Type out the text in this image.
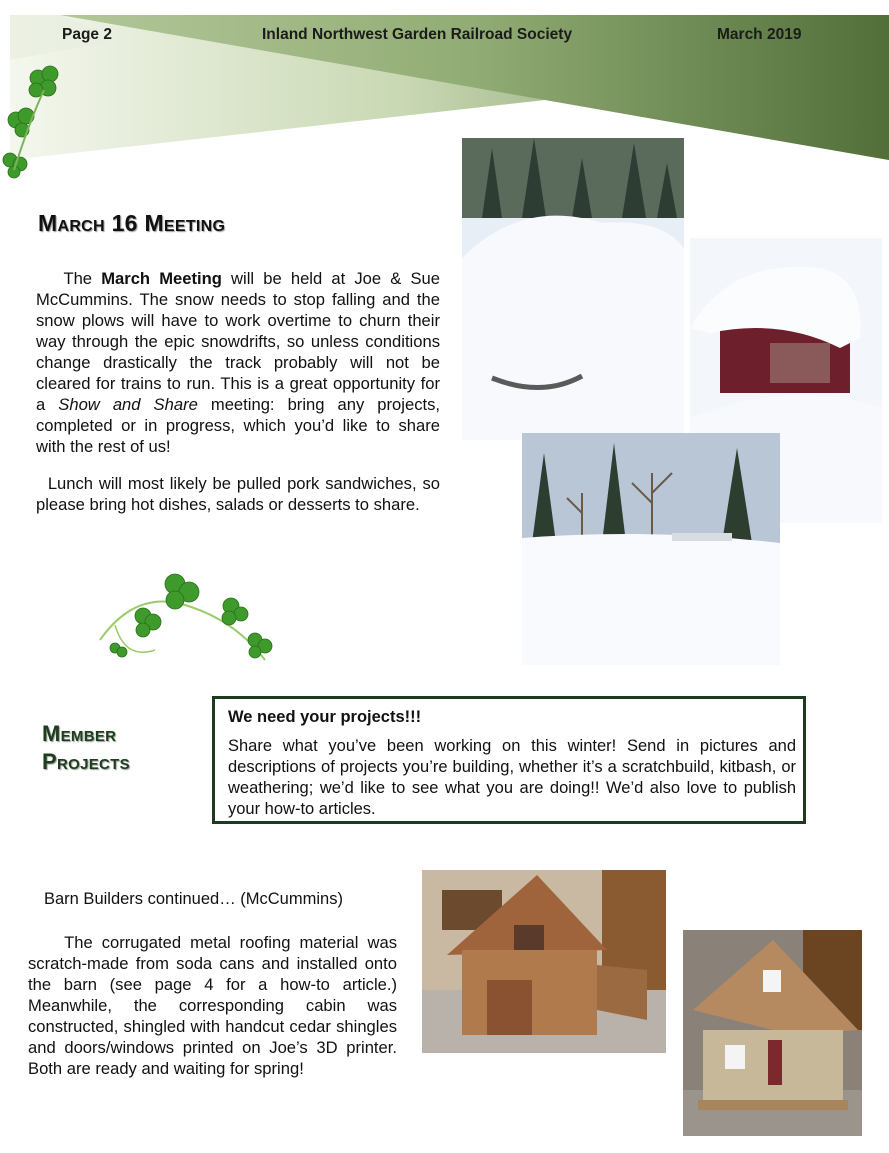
Page 2	Inland Northwest Garden Railroad Society	March 2019
March 16 Meeting

The March Meeting will be held at Joe & Sue McCummins. The snow needs to stop falling and the snow plows will have to work overtime to churn their way through the epic snowdrifts, so unless conditions change drastically the track probably will not be cleared for trains to run. This is a great opportunity for a Show and Share meeting: bring any projects, completed or in progress, which you’d like to share with the rest of us!

Lunch will most likely be pulled pork sandwiches, so please bring hot dishes, salads or desserts to share.

Member
Projects
We need your projects!!!
Share what you’ve been working on this winter! Send in pictures and descriptions of projects you’re building, whether it’s a scratchbuild, kitbash, or weathering; we’d like to see what you are doing!! We’d also love to publish your how-to articles.
Barn Builders continued… (McCummins)

The corrugated metal roofing material was scratch-made from soda cans and installed onto the barn (see page 4 for a how-to article.) Meanwhile, the corresponding cabin was constructed, shingled with handcut cedar shingles and doors/windows printed on Joe’s 3D printer. Both are ready and waiting for spring!
